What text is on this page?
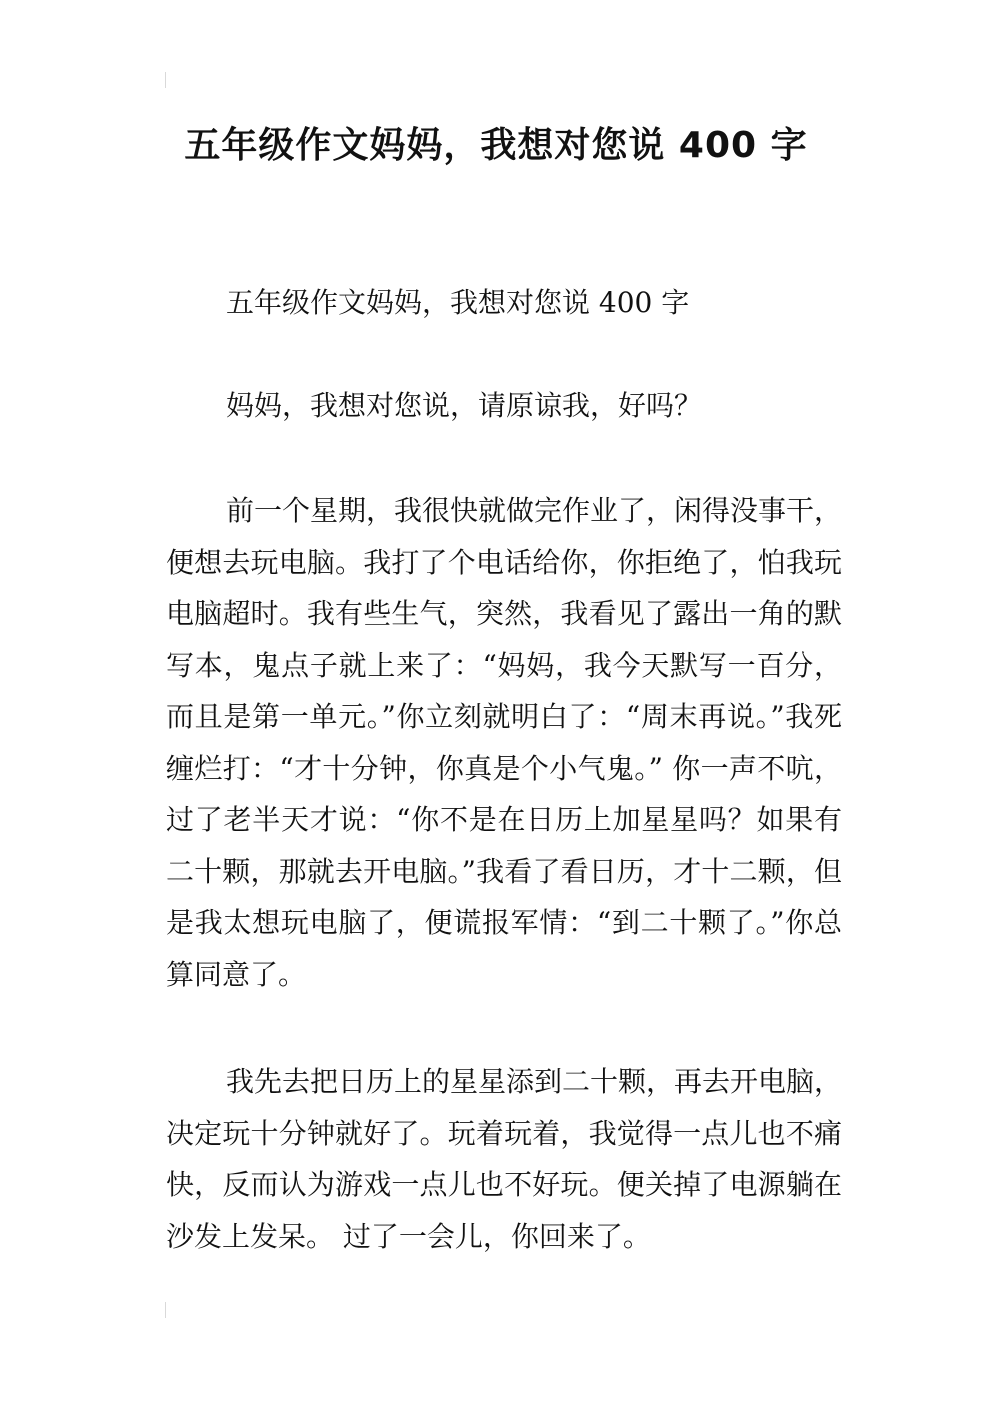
五年级作文妈妈，我想对您说 400 字

五年级作文妈妈，我想对您说 400 字

妈妈，我想对您说，请原谅我，好吗？

前一个星期，我很快就做完作业了，闲得没事干，便想去玩电脑。我打了个电话给你，你拒绝了，怕我玩电脑超时。我有些生气，突然，我看见了露出一角的默写本，鬼点子就上来了：“妈妈，我今天默写一百分，而且是第一单元。”你立刻就明白了：“周末再说。”我死缠烂打：“才十分钟，你真是个小气鬼。” 你一声不吭，过了老半天才说：“你不是在日历上加星星吗？如果有二十颗，那就去开电脑。”我看了看日历，才十二颗，但是我太想玩电脑了，便谎报军情：“到二十颗了。”你总算同意了。

我先去把日历上的星星添到二十颗，再去开电脑，决定玩十分钟就好了。玩着玩着，我觉得一点儿也不痛快，反而认为游戏一点儿也不好玩。便关掉了电源躺在沙发上发呆。 过了一会儿，你回来了。
